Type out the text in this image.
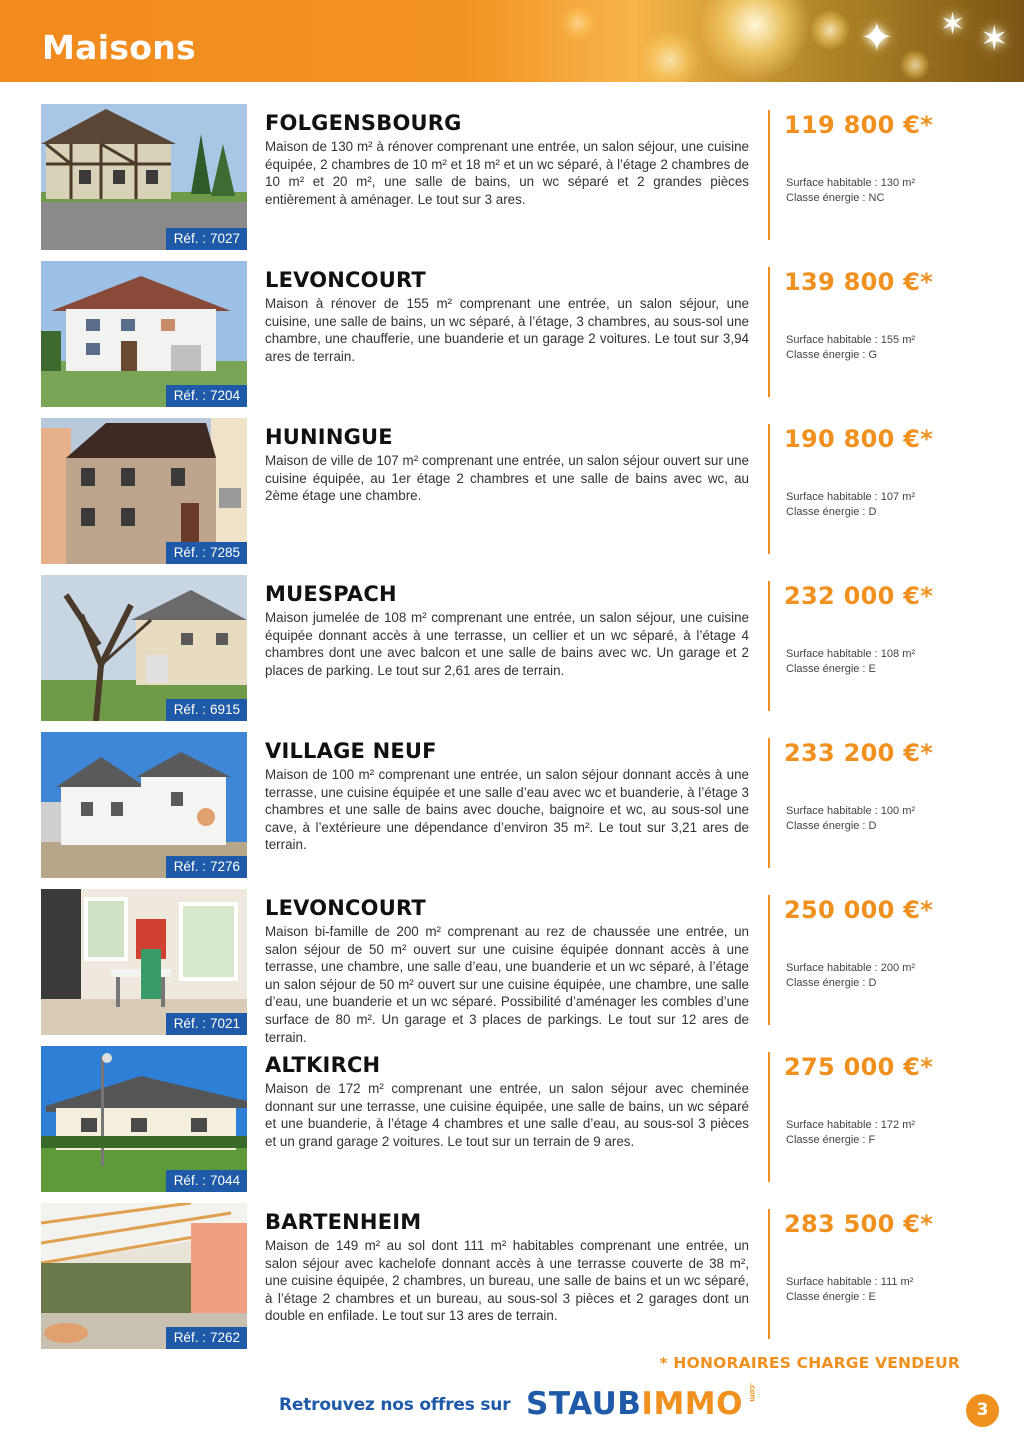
✦ ✶ ✶
Maisons
Réf. : 7027
FOLGENSBOURG

Maison de 130 m² à rénover comprenant une entrée, un salon séjour, une cuisine équipée, 2 chambres de 10 m² et 18 m² et un wc séparé, à l’étage 2 chambres de 10 m² et 20 m², une salle de bains, un wc séparé et 2 grandes pièces entièrement à aménager. Le tout sur 3 ares.

119 800 €*
Surface habitable : 130 m²
Classe énergie : NC
Réf. : 7204
LEVONCOURT

Maison à rénover de 155 m² comprenant une entrée, un salon séjour, une cuisine, une salle de bains, un wc séparé, à l’étage, 3 chambres, au sous-sol une chambre, une chaufferie, une buanderie et un garage 2 voitures. Le tout sur 3,94 ares de terrain.

139 800 €*
Surface habitable : 155 m²
Classe énergie : G
Réf. : 7285
HUNINGUE

Maison de ville de 107 m² comprenant une entrée, un salon séjour ouvert sur une cuisine équipée, au 1er étage 2 chambres et une salle de bains avec wc, au 2ème étage une chambre.

190 800 €*
Surface habitable : 107 m²
Classe énergie : D
Réf. : 6915
MUESPACH

Maison jumelée de 108 m² comprenant une entrée, un salon séjour, une cuisine équipée donnant accès à une terrasse, un cellier et un wc séparé, à l’étage 4 chambres dont une avec balcon et une salle de bains avec wc. Un garage et 2 places de parking. Le tout sur 2,61 ares de terrain.

232 000 €*
Surface habitable : 108 m²
Classe énergie : E
Réf. : 7276
VILLAGE NEUF

Maison de 100 m² comprenant une entrée, un salon séjour donnant accès à une terrasse, une cuisine équipée et une salle d’eau avec wc et buanderie, à l’étage 3 chambres et une salle de bains avec douche, baignoire et wc, au sous-sol une cave, à l’extérieure une dépendance d’environ 35 m². Le tout sur 3,21 ares de terrain.

233 200 €*
Surface habitable : 100 m²
Classe énergie : D
Réf. : 7021
LEVONCOURT

Maison bi-famille de 200 m² comprenant au rez de chaussée une entrée, un salon séjour de 50 m² ouvert sur une cuisine équipée donnant accès à une terrasse, une chambre, une salle d’eau, une buanderie et un wc séparé, à l’étage un salon séjour de 50 m² ouvert sur une cuisine équipée, une chambre, une salle d’eau, une buanderie et un wc séparé. Possibilité d’aménager les combles d’une surface de 80 m². Un garage et 3 places de parkings. Le tout sur 12 ares de terrain.

250 000 €*
Surface habitable : 200 m²
Classe énergie : D
Réf. : 7044
ALTKIRCH

Maison de 172 m² comprenant une entrée, un salon séjour avec cheminée donnant sur une terrasse, une cuisine équipée, une salle de bains, un wc séparé et une buanderie, à l’étage 4 chambres et une salle d’eau, au sous-sol 3 pièces et un grand garage 2 voitures. Le tout sur un terrain de 9 ares.

275 000 €*
Surface habitable : 172 m²
Classe énergie : F
Réf. : 7262
BARTENHEIM

Maison de 149 m² au sol dont 111 m² habitables comprenant une entrée, un salon séjour avec kachelofe donnant accès à une terrasse couverte de 38 m², une cuisine équipée, 2 chambres, un bureau, une salle de bains et un wc séparé, à l’étage 2 chambres et un bureau, au sous-sol 3 pièces et 2 garages dont un double en enfilade. Le tout sur 13 ares de terrain.

283 500 €*
Surface habitable : 111 m²
Classe énergie : E
* HONORAIRES CHARGE VENDEUR
Retrouvez nos offres sur STAUBIMMO .com
3
